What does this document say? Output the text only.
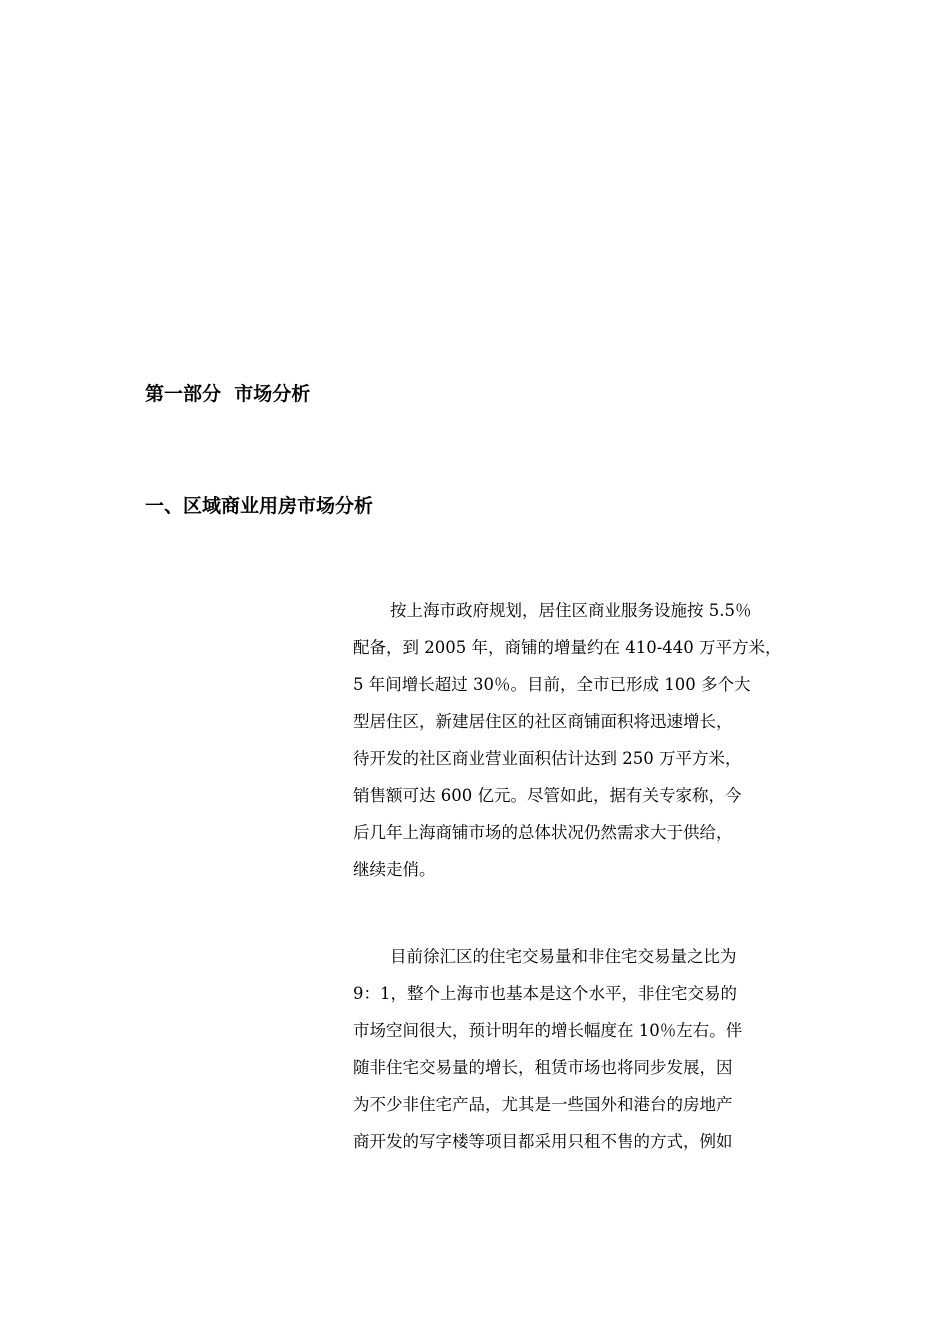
第一部分  市场分析
一、区域商业用房市场分析
按上海市政府规划，居住区商业服务设施按 5.5％
配备，到 2005 年，商铺的增量约在 410-440 万平方米，
5 年间增长超过 30％。目前，全市已形成 100 多个大
型居住区，新建居住区的社区商铺面积将迅速增长，
待开发的社区商业营业面积估计达到 250 万平方米，
销售额可达 600 亿元。尽管如此，据有关专家称，今
后几年上海商铺市场的总体状况仍然需求大于供给，
继续走俏。
目前徐汇区的住宅交易量和非住宅交易量之比为
9：1，整个上海市也基本是这个水平，非住宅交易的
市场空间很大，预计明年的增长幅度在 10％左右。伴
随非住宅交易量的增长，租赁市场也将同步发展，因
为不少非住宅产品，尤其是一些国外和港台的房地产
商开发的写字楼等项目都采用只租不售的方式，例如
